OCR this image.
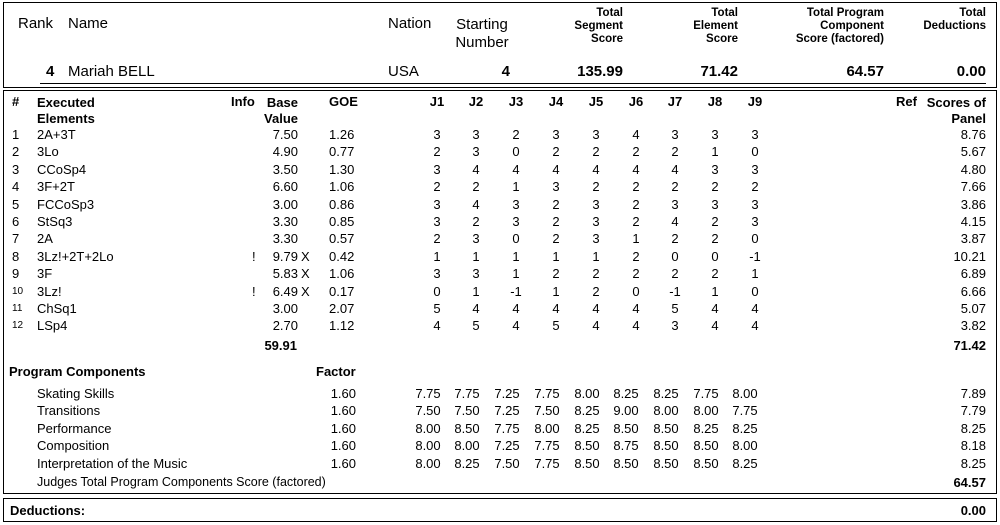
Rank Name	Nation	Starting Number
Total Segment Score
Total Element Score
Total Program Component Score (factored)
Total Deductions
4 Mariah BELL	USA	4	135.99	71.42	64.57	0.00
# Executed Elements
Info Base Value
GOE	J1	J2	J3	J4	J5	J6	J7	J8	J9	Ref Scores of Panel
1 2A+3T	7.50 1.26	3	3	2	3	3	4	3	3	3	8.76
2 3Lo	4.90 0.77	2	3	0	2	2	2	2	1	0	5.67
3 CCoSp4	3.50 1.30	3	4	4	4	4	4	4	3	3	4.80
4 3F+2T	6.60 1.06	2	2	1	3	2	2	2	2	2	7.66
5 FCCoSp3	3.00 0.86	3	4	3	2	3	2	3	3	3	3.86
6 StSq3	3.30 0.85	3	2	3	2	3	2	4	2	3	4.15
7 2A	3.30 0.57	2	3	0	2	3	1	2	2	0	3.87
8 3Lz!+2T+2Lo	!	9.79 X 0.42	1	1	1	1	1	2	0	0	-1	10.21
9 3F	5.83 X 1.06	3	3	1	2	2	2	2	2	1	6.89
10 3Lz!	!	6.49 X 0.17	0	1	-1	1	2	0	-1	1	0	6.66
11 ChSq1	3.00 2.07	5	4	4	4	4	4	5	4	4	5.07
12 LSp4	2.70 1.12	4	5	4	5	4	4	3	4	4	3.82
59.91	71.42
Program Components	Factor
Skating Skills	1.60	7.75	7.75	7.25	7.75	8.00	8.25	8.25	7.75	8.00	7.89
Transitions	1.60	7.50	7.50	7.25	7.50	8.25	9.00	8.00	8.00	7.75	7.79
Performance	1.60	8.00	8.50	7.75	8.00	8.25	8.50	8.50	8.25	8.25	8.25
Composition	1.60	8.00	8.00	7.25	7.75	8.50	8.75	8.50	8.50	8.00	8.18
Interpretation of the Music	1.60	8.00	8.25	7.50	7.75	8.50	8.50	8.50	8.50	8.25	8.25
Judges Total Program Components Score (factored)	64.57
Deductions:	0.00
